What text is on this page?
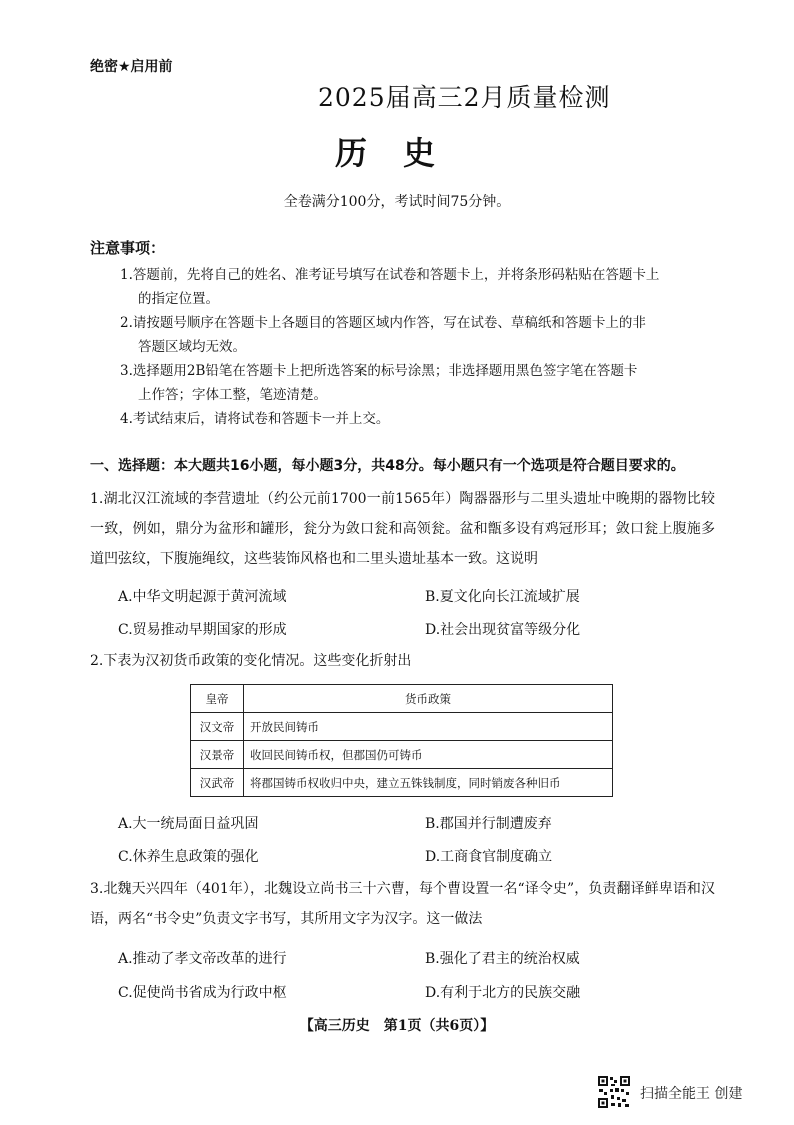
绝密★启用前
2025届高三2月质量检测
历史
全卷满分100分，考试时间75分钟。
注意事项：
1.答题前，先将自己的姓名、准考证号填写在试卷和答题卡上，并将条形码粘贴在答题卡上
的指定位置。
2.请按题号顺序在答题卡上各题目的答题区域内作答，写在试卷、草稿纸和答题卡上的非
答题区域均无效。
3.选择题用2B铅笔在答题卡上把所选答案的标号涂黑；非选择题用黑色签字笔在答题卡
上作答；字体工整，笔迹清楚。
4.考试结束后，请将试卷和答题卡一并上交。
一、选择题：本大题共16小题，每小题3分，共48分。每小题只有一个选项是符合题目要求的。
1.湖北汉江流域的李营遗址（约公元前1700一前1565年）陶器器形与二里头遗址中晚期的器物比较一致，例如，鼎分为盆形和罐形，瓮分为敛口瓮和高领瓮。盆和甑多设有鸡冠形耳；敛口瓮上腹施多道凹弦纹，下腹施绳纹，这些装饰风格也和二里头遗址基本一致。这说明
A.中华文明起源于黄河流域	B.夏文化向长江流域扩展
C.贸易推动早期国家的形成	D.社会出现贫富等级分化
2.下表为汉初货币政策的变化情况。这些变化折射出
皇帝	货币政策
汉文帝	开放民间铸币
汉景帝	收回民间铸币权，但郡国仍可铸币
汉武帝	将郡国铸币权收归中央，建立五铢钱制度，同时销废各种旧币
A.大一统局面日益巩固	B.郡国并行制遭废弃
C.休养生息政策的强化	D.工商食官制度确立
3.北魏天兴四年（401年），北魏设立尚书三十六曹，每个曹设置一名“译令史”，负责翻译鲜卑语和汉语，两名“书令史”负责文字书写，其所用文字为汉字。这一做法
A.推动了孝文帝改革的进行	B.强化了君主的统治权威
C.促使尚书省成为行政中枢	D.有利于北方的民族交融
【高三历史　第1页（共6页）】
扫描全能王 创建
